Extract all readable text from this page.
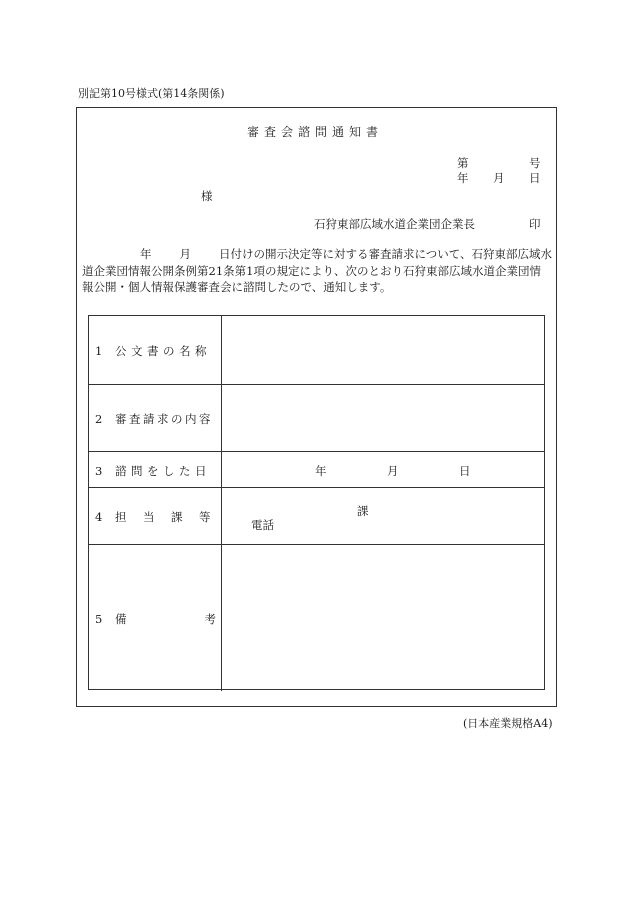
別記第10号様式(第14条関係)
審査会諮問通知書
第	号
年 月 日
様
石狩東部広域水道企業団企業長	印
年 月 日付けの開示決定等に対する審査請求について、石狩東部広域水
道企業団情報公開条例第21条第1項の規定により、次のとおり石狩東部広域水道企業団情
報公開・個人情報保護審査会に諮問したので、通知します。
1 公文書の名称
2 審査請求の内容
3 諮問をした日	年	月	日
4 担 当 課 等	課
電話
5 備	考
(日本産業規格A4)
